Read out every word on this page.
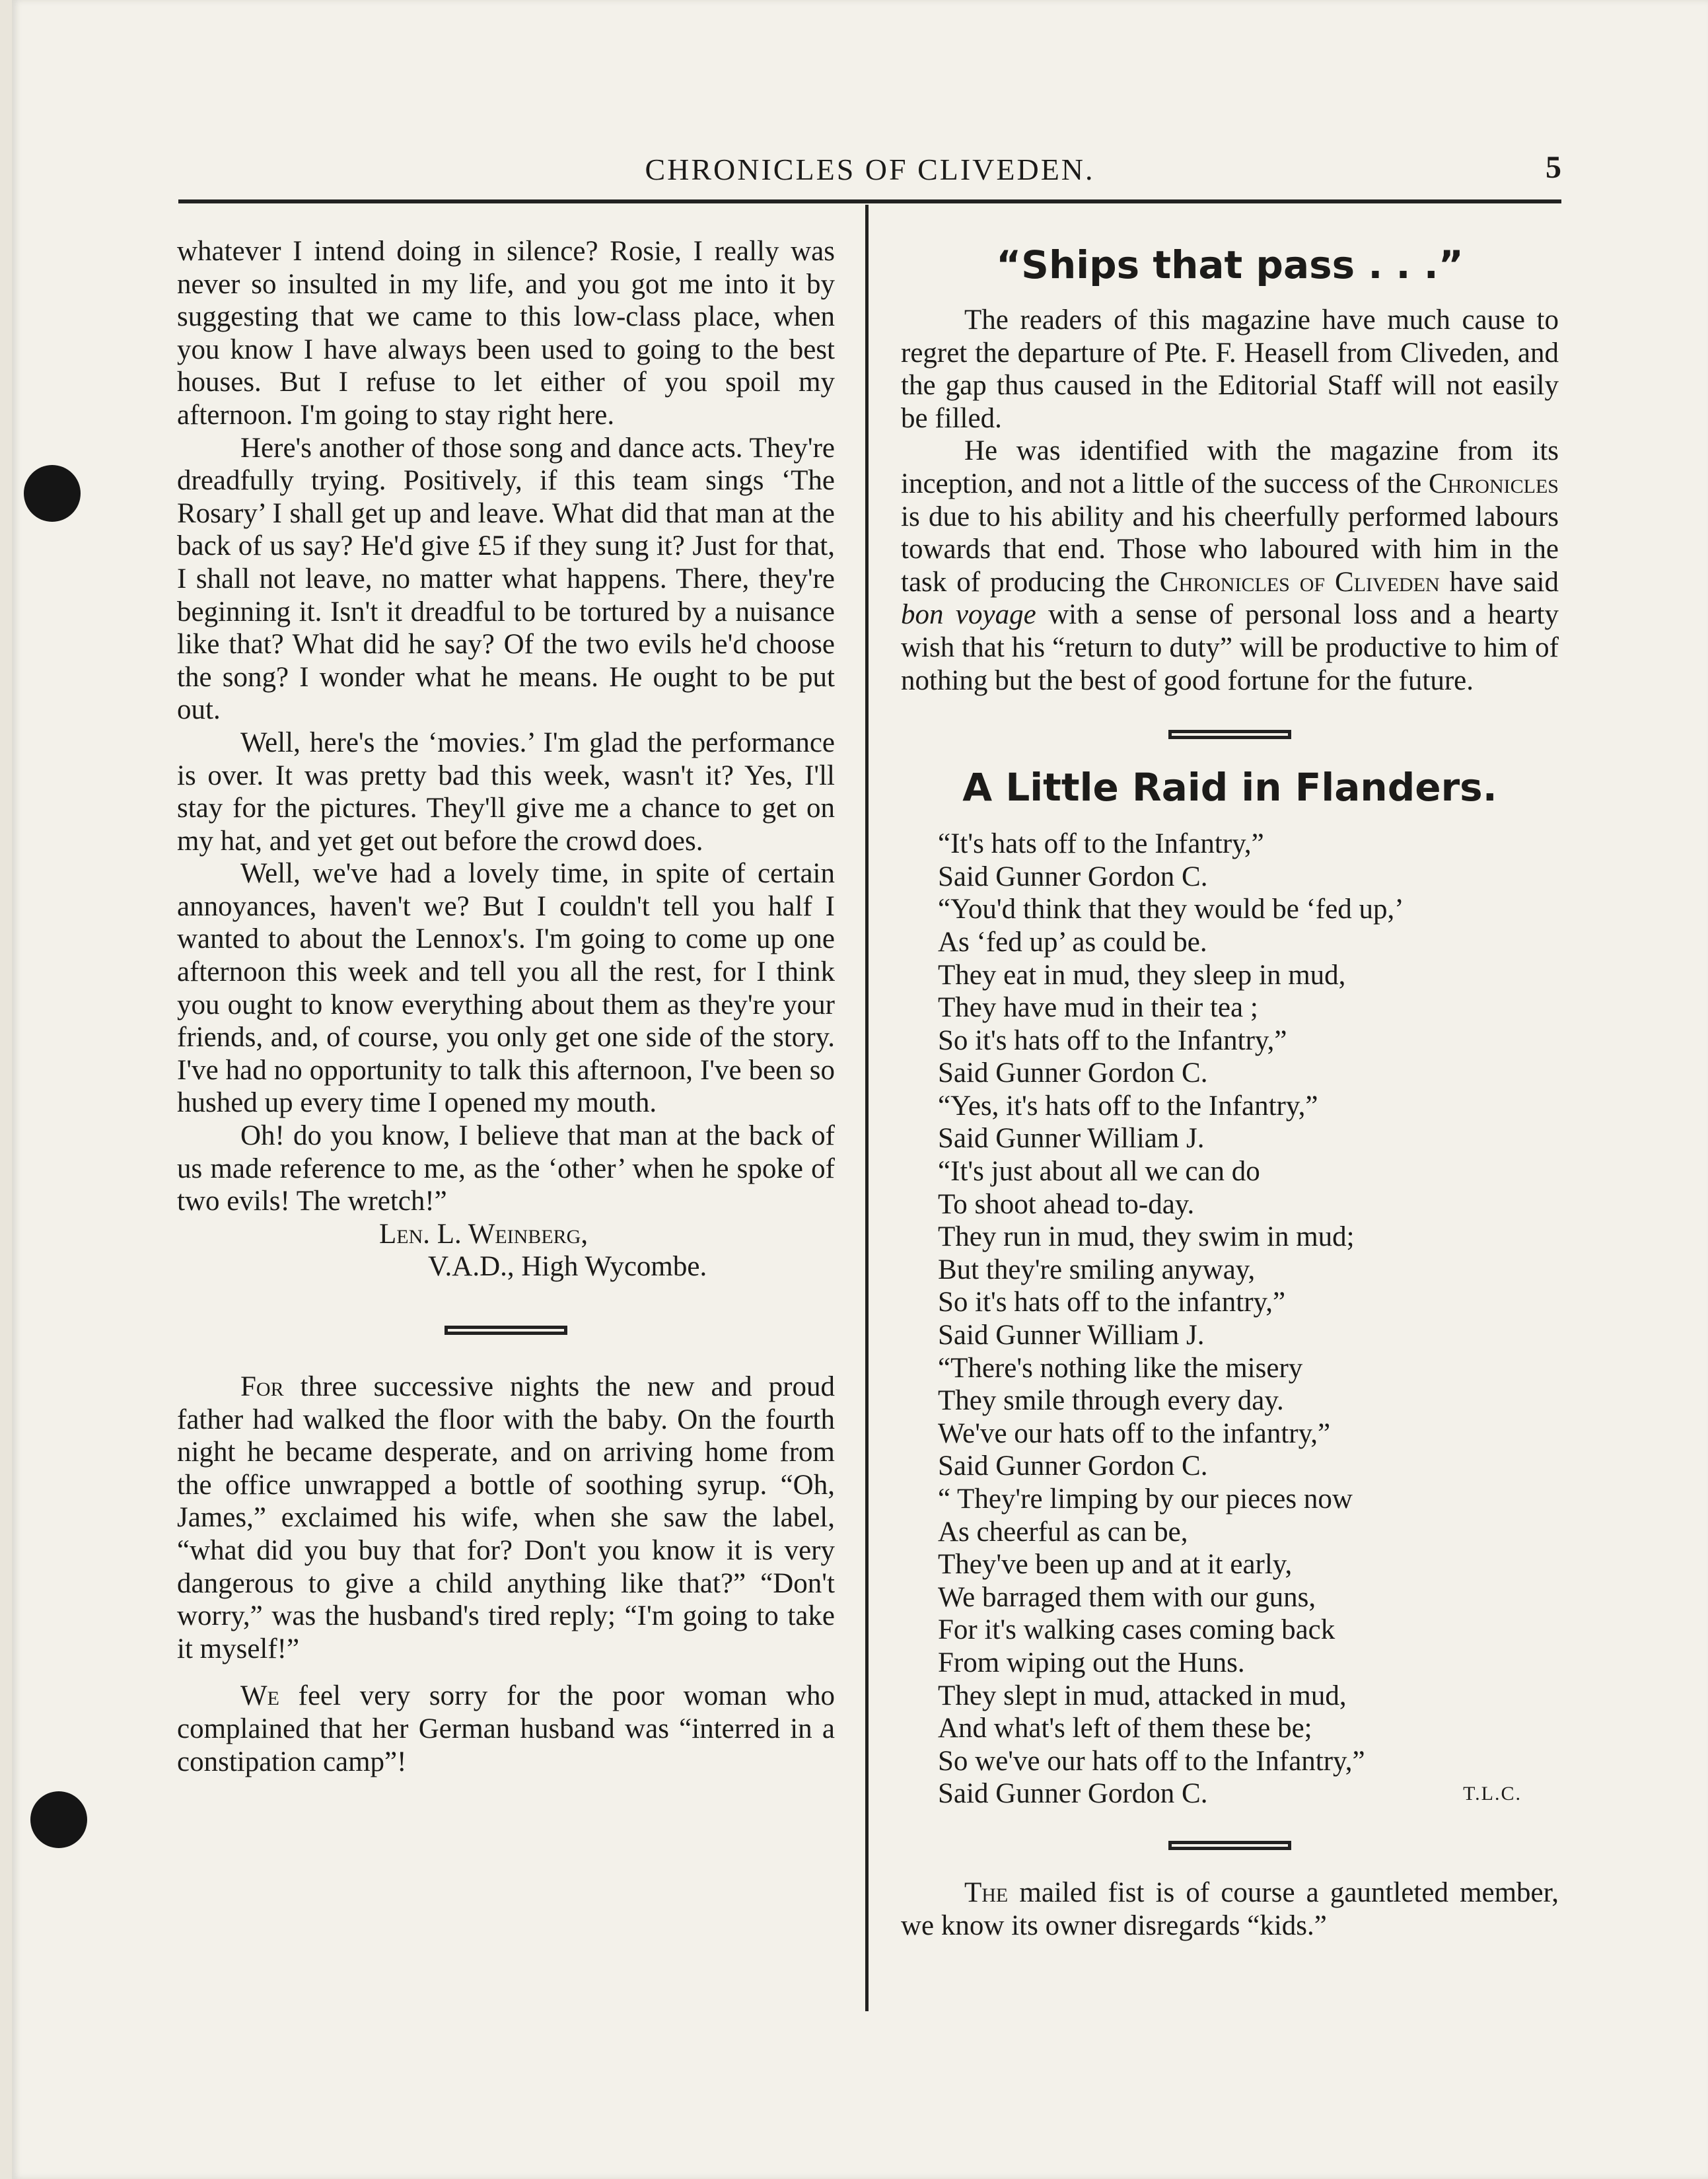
CHRONICLES OF CLIVEDEN.	5

whatever I intend doing in silence? Rosie, I really was never so insulted in my life, and you got me into it by suggesting that we came to this low-class place, when you know I have always been used to going to the best houses. But I refuse to let either of you spoil my afternoon. I'm going to stay right here.

Here's another of those song and dance acts. They're dreadfully trying. Positively, if this team sings ‘The Rosary’ I shall get up and leave. What did that man at the back of us say? He'd give £5 if they sung it? Just for that, I shall not leave, no matter what happens. There, they're beginning it. Isn't it dreadful to be tortured by a nuisance like that? What did he say? Of the two evils he'd choose the song? I wonder what he means. He ought to be put out.

Well, here's the ‘movies.’ I'm glad the performance is over. It was pretty bad this week, wasn't it? Yes, I'll stay for the pictures. They'll give me a chance to get on my hat, and yet get out before the crowd does.

Well, we've had a lovely time, in spite of certain annoyances, haven't we? But I couldn't tell you half I wanted to about the Lennox's. I'm going to come up one afternoon this week and tell you all the rest, for I think you ought to know everything about them as they're your friends, and, of course, you only get one side of the story. I've had no opportunity to talk this afternoon, I've been so hushed up every time I opened my mouth.

Oh! do you know, I believe that man at the back of us made reference to me, as the ‘other’ when he spoke of two evils! The wretch!”

Len. L. Weinberg,

V.A.D., High Wycombe.

For three successive nights the new and proud father had walked the floor with the baby. On the fourth night he became desperate, and on arriving home from the office unwrapped a bottle of soothing syrup. “Oh, James,” exclaimed his wife, when she saw the label, “what did you buy that for? Don't you know it is very dangerous to give a child anything like that?” “Don't worry,” was the husband's tired reply; “I'm going to take it myself!”

We feel very sorry for the poor woman who complained that her German husband was “interred in a constipation camp”!

“Ships that pass . . .”

The readers of this magazine have much cause to regret the departure of Pte. F. Heasell from Cliveden, and the gap thus caused in the Editorial Staff will not easily be filled.

He was identified with the magazine from its inception, and not a little of the success of the Chronicles is due to his ability and his cheerfully performed labours towards that end. Those who laboured with him in the task of producing the Chronicles of Cliveden have said bon voyage with a sense of personal loss and a hearty wish that his “return to duty” will be productive to him of nothing but the best of good fortune for the future.

A Little Raid in Flanders.

“It's hats off to the Infantry,”

Said Gunner Gordon C.

“You'd think that they would be ‘fed up,’

As ‘fed up’ as could be.

They eat in mud, they sleep in mud,

They have mud in their tea ;

So it's hats off to the Infantry,”

Said Gunner Gordon C.

“Yes, it's hats off to the Infantry,”

Said Gunner William J.

“It's just about all we can do

To shoot ahead to-day.

They run in mud, they swim in mud;

But they're smiling anyway,

So it's hats off to the infantry,”

Said Gunner William J.

“There's nothing like the misery

They smile through every day.

We've our hats off to the infantry,”

Said Gunner Gordon C.

“ They're limping by our pieces now

As cheerful as can be,

They've been up and at it early,

We barraged them with our guns,

For it's walking cases coming back

From wiping out the Huns.

They slept in mud, attacked in mud,

And what's left of them these be;

So we've our hats off to the Infantry,”

Said Gunner Gordon C.	T.L.C.

The mailed fist is of course a gauntleted member, we know its owner disregards “kids.”
